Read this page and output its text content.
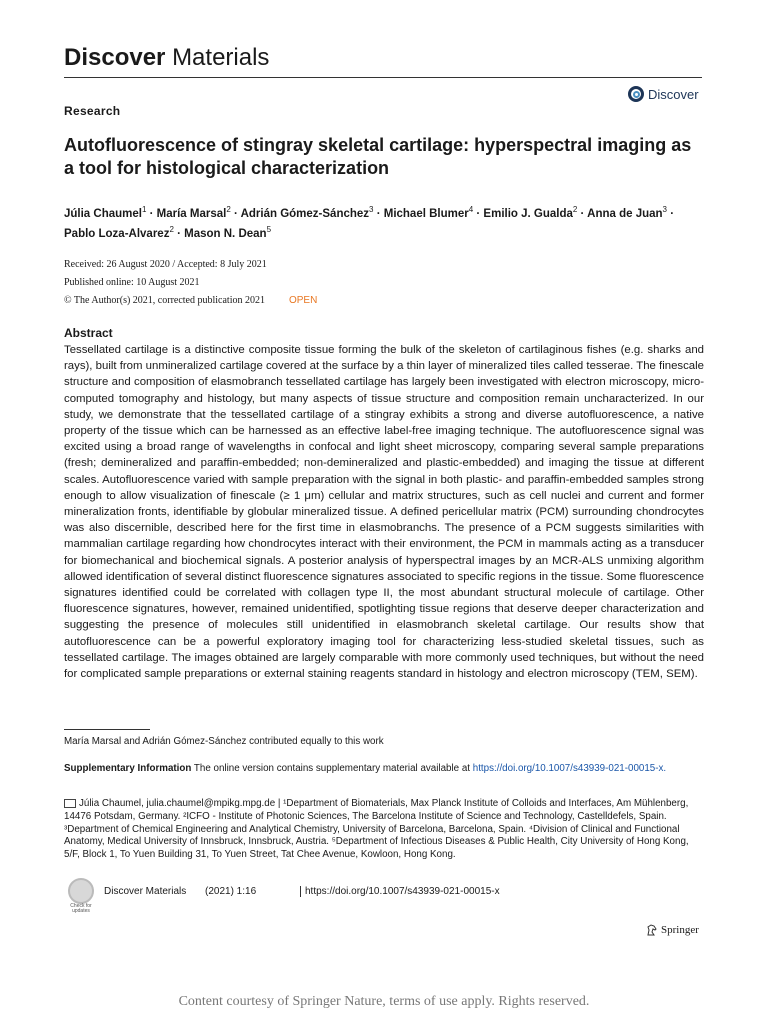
Discover Materials
Research
Discover
Autofluorescence of stingray skeletal cartilage: hyperspectral imaging as a tool for histological characterization
Júlia Chaumel$^1$ · María Marsal$^2$ · Adrián Gómez‑Sánchez$^3$ · Michael Blumer$^4$ · Emilio J. Gualda$^2$ · Anna de Juan$^3$ ·
Pablo Loza‑Alvarez$^2$ · Mason N. Dean$^5$
Received: 26 August 2020 / Accepted: 8 July 2021
Published online: 10 August 2021
© The Author(s) 2021, corrected publication 2021 OPEN
Abstract
Tessellated cartilage is a distinctive composite tissue forming the bulk of the skeleton of cartilaginous fishes (e.g. sharks and rays), built from unmineralized cartilage covered at the surface by a thin layer of mineralized tiles called tesserae. The finescale structure and composition of elasmobranch tessellated cartilage has largely been investigated with electron microscopy, micro-computed tomography and histology, but many aspects of tissue structure and composition remain uncharacterized. In our study, we demonstrate that the tessellated cartilage of a stingray exhibits a strong and diverse autofluorescence, a native property of the tissue which can be harnessed as an effective label-free imaging technique. The autofluorescence signal was excited using a broad range of wavelengths in confocal and light sheet microscopy, comparing several sample preparations (fresh; demineralized and paraffin-embedded; non-demineralized and plastic-embedded) and imaging the tissue at different scales. Autofluorescence varied with sample preparation with the signal in both plastic- and paraffin-embedded samples strong enough to allow visualization of finescale (≥ 1 μm) cellular and matrix structures, such as cell nuclei and current and former mineralization fronts, identifiable by globular mineralized tissue. A defined pericellular matrix (PCM) surrounding chondrocytes was also discernible, described here for the first time in elasmobranchs. The presence of a PCM suggests similarities with mammalian cartilage regarding how chondrocytes interact with their environment, the PCM in mammals acting as a transducer for biomechanical and biochemical signals. A posterior analysis of hyperspectral images by an MCR-ALS unmixing algorithm allowed identification of several distinct fluorescence signatures associated to specific regions in the tissue. Some fluorescence signatures identified could be correlated with collagen type II, the most abundant structural molecule of cartilage. Other fluorescence signatures, however, remained unidentified, spotlighting tissue regions that deserve deeper characterization and suggesting the presence of molecules still unidentified in elasmobranch skeletal cartilage. Our results show that autofluorescence can be a powerful exploratory imaging tool for characterizing less-studied skeletal tissues, such as tessellated cartilage. The images obtained are largely comparable with more commonly used techniques, but without the need for complicated sample preparations or external staining reagents standard in histology and electron microscopy (TEM, SEM).
María Marsal and Adrián Gómez-Sánchez contributed equally to this work
Supplementary Information The online version contains supplementary material available at https://doi.org/10.1007/s43939-021-00015-x.
Júlia Chaumel, julia.chaumel@mpikg.mpg.de | ¹Department of Biomaterials, Max Planck Institute of Colloids and Interfaces, Am Mühlenberg, 14476 Potsdam, Germany. ²ICFO - Institute of Photonic Sciences, The Barcelona Institute of Science and Technology, Castelldefels, Spain. ³Department of Chemical Engineering and Analytical Chemistry, University of Barcelona, Barcelona, Spain. ⁴Division of Clinical and Functional Anatomy, Medical University of Innsbruck, Innsbruck, Austria. ⁵Department of Infectious Diseases & Public Health, City University of Hong Kong, 5/F, Block 1, To Yuen Building 31, To Yuen Street, Tat Chee Avenue, Kowloon, Hong Kong.
Check for updates
Discover Materials (2021) 1:16	https://doi.org/10.1007/s43939-021-00015-x
Springer
Content courtesy of Springer Nature, terms of use apply. Rights reserved.
